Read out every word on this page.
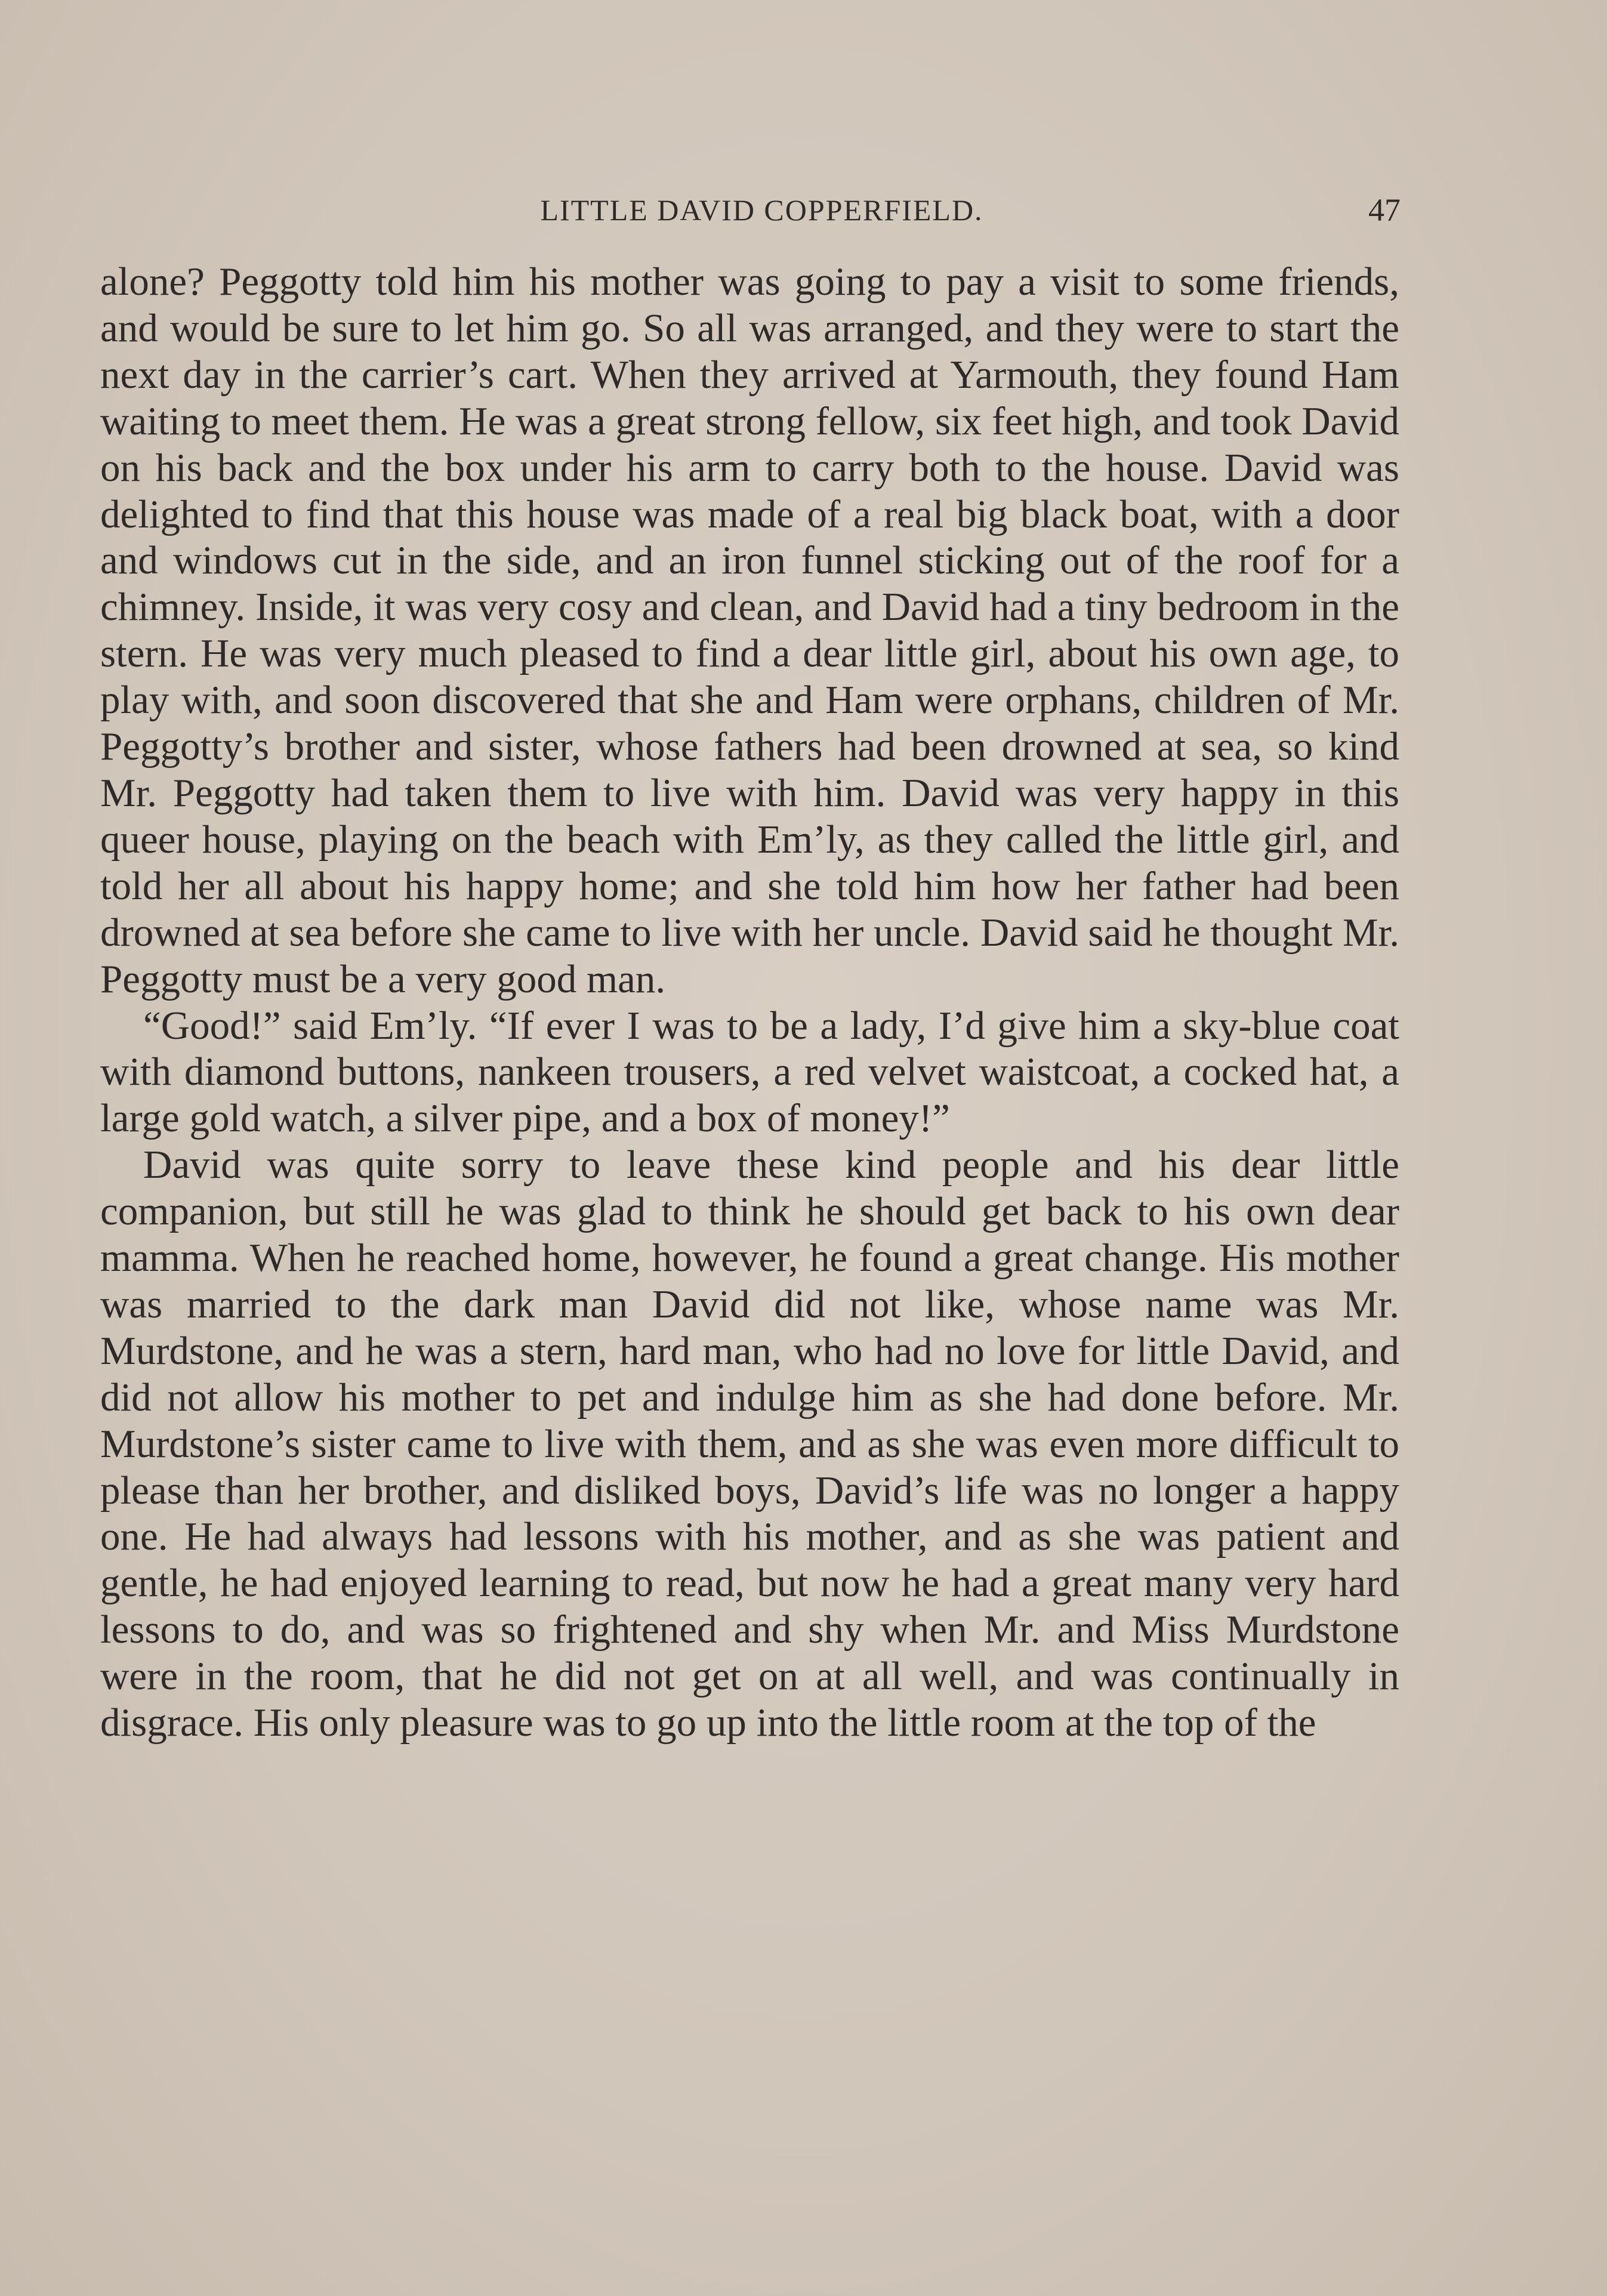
LITTLE DAVID COPPERFIELD.	47

alone? Peggotty told him his mother was going to pay a visit to some friends, and would be sure to let him go. So all was arranged, and they were to start the next day in the carrier’s cart. When they arrived at Yarmouth, they found Ham waiting to meet them. He was a great strong fellow, six feet high, and took David on his back and the box under his arm to carry both to the house. David was delighted to find that this house was made of a real big black boat, with a door and windows cut in the side, and an iron funnel sticking out of the roof for a chimney. Inside, it was very cosy and clean, and David had a tiny bedroom in the stern. He was very much pleased to find a dear little girl, about his own age, to play with, and soon discovered that she and Ham were orphans, children of Mr. Peggotty’s brother and sister, whose fathers had been drowned at sea, so kind Mr. Peggotty had taken them to live with him. David was very happy in this queer house, playing on the beach with Em’ly, as they called the little girl, and told her all about his happy home; and she told him how her father had been drowned at sea before she came to live with her uncle. David said he thought Mr. Peggotty must be a very good man.

“Good!” said Em’ly. “If ever I was to be a lady, I’d give him a sky-blue coat with diamond buttons, nankeen trousers, a red velvet waistcoat, a cocked hat, a large gold watch, a silver pipe, and a box of money!”

David was quite sorry to leave these kind people and his dear little companion, but still he was glad to think he should get back to his own dear mamma. When he reached home, however, he found a great change. His mother was married to the dark man David did not like, whose name was Mr. Murdstone, and he was a stern, hard man, who had no love for little David, and did not allow his mother to pet and indulge him as she had done before. Mr. Murdstone’s sister came to live with them, and as she was even more difficult to please than her brother, and disliked boys, David’s life was no longer a happy one. He had always had lessons with his mother, and as she was patient and gentle, he had enjoyed learning to read, but now he had a great many very hard lessons to do, and was so frightened and shy when Mr. and Miss Murdstone were in the room, that he did not get on at all well, and was continually in disgrace. His only pleasure was to go up into the little room at the top of the
